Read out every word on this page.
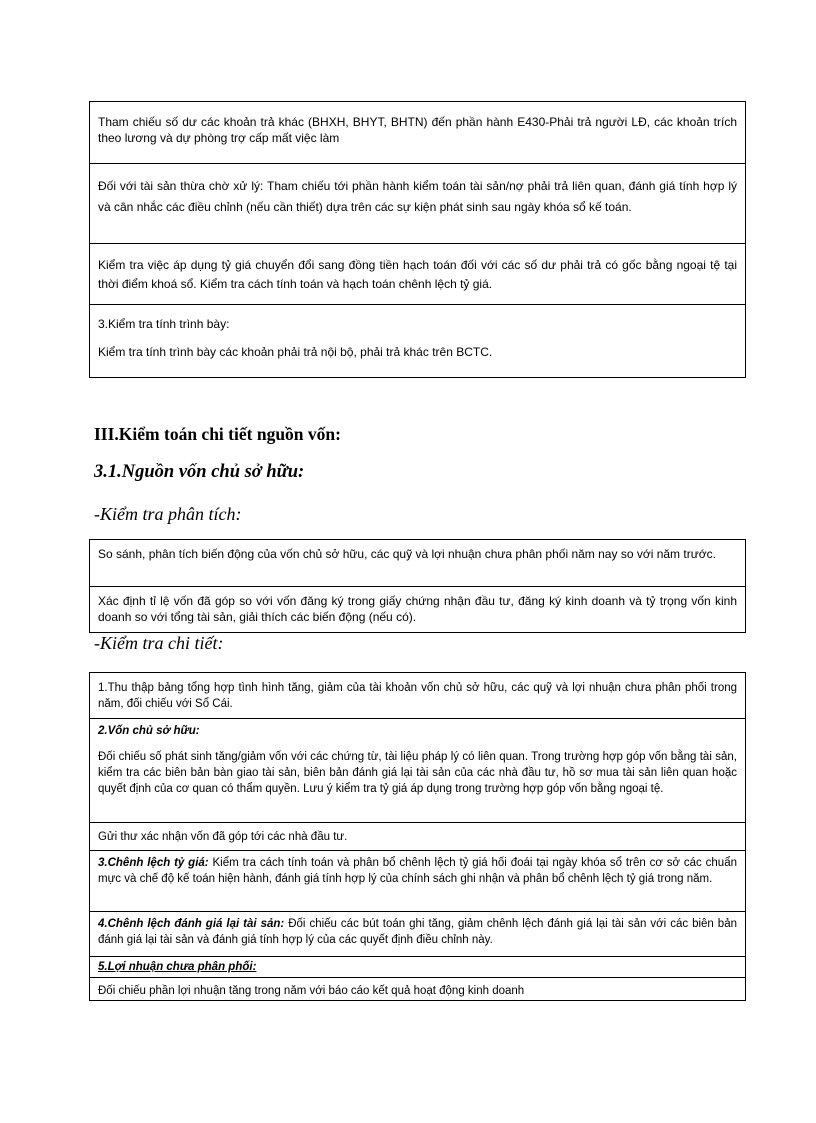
Tham chiếu số dư các khoản trả khác (BHXH, BHYT, BHTN) đến phần hành E430-Phải trả người LĐ, các khoản trích theo lương và dự phòng trợ cấp mất việc làm

Đối với tài sản thừa chờ xử lý: Tham chiếu tới phần hành kiểm toán tài sản/nợ phải trả liên quan, đánh giá tính hợp lý và cân nhắc các điều chỉnh (nếu cần thiết) dựa trên các sự kiện phát sinh sau ngày khóa sổ kế toán.

Kiểm tra việc áp dụng tỷ giá chuyển đổi sang đồng tiền hạch toán đối với các số dư phải trả có gốc bằng ngoại tệ tại thời điểm khoá sổ. Kiểm tra cách tính toán và hạch toán chênh lệch tỷ giá.

3.Kiểm tra tính trình bày:

Kiểm tra tính trình bày các khoản phải trả nội bộ, phải trả khác trên BCTC.

III.Kiểm toán chi tiết nguồn vốn:
3.1.Nguồn vốn chủ sở hữu:

-Kiểm tra phân tích:

So sánh, phân tích biến động của vốn chủ sở hữu, các quỹ và lợi nhuận chưa phân phối năm nay so với năm trước.

Xác định tỉ lệ vốn đã góp so với vốn đăng ký trong giấy chứng nhận đầu tư, đăng ký kinh doanh và tỷ trọng vốn kinh doanh so với tổng tài sản, giải thích các biến động (nếu có).

-Kiểm tra chi tiết:

1.Thu thập bảng tổng hợp tình hình tăng, giảm của tài khoản vốn chủ sở hữu, các quỹ và lợi nhuận chưa phân phối trong năm, đối chiếu với Sổ Cái.

2.Vốn chủ sở hữu:

Đối chiếu số phát sinh tăng/giảm vốn với các chứng từ, tài liệu pháp lý có liên quan. Trong trường hợp góp vốn bằng tài sản, kiểm tra các biên bản bàn giao tài sản, biên bản đánh giá lại tài sản của các nhà đầu tư, hồ sơ mua tài sản liên quan hoặc quyết định của cơ quan có thẩm quyền. Lưu ý kiểm tra tỷ giá áp dụng trong trường hợp góp vốn bằng ngoại tệ.

Gửi thư xác nhận vốn đã góp tới các nhà đầu tư.

3.Chênh lệch tỷ giá: Kiểm tra cách tính toán và phân bổ chênh lệch tỷ giá hối đoái tại ngày khóa sổ trên cơ sở các chuẩn mực và chế độ kế toán hiện hành, đánh giá tính hợp lý của chính sách ghi nhận và phân bổ chênh lệch tỷ giá trong năm.

4.Chênh lệch đánh giá lại tài sản: Đối chiếu các bút toán ghi tăng, giảm chênh lệch đánh giá lại tài sản với các biên bản đánh giá lại tài sản và đánh giá tính hợp lý của các quyết định điều chỉnh này.

5.Lợi nhuận chưa phân phối:

Đối chiếu phần lợi nhuận tăng trong năm với báo cáo kết quả hoạt động kinh doanh
